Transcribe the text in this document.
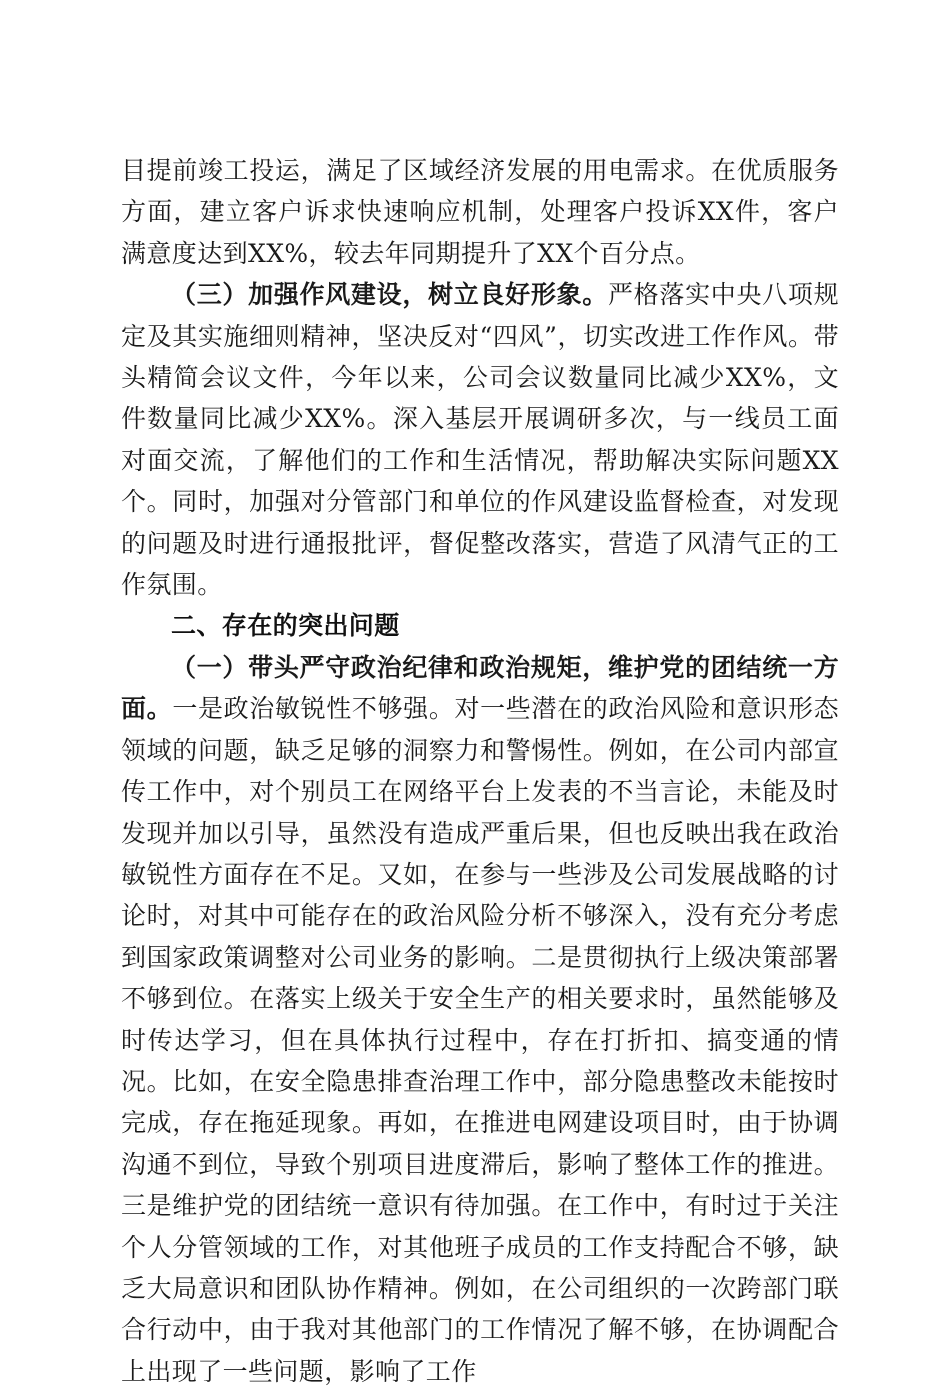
目提前竣工投运，满足了区域经济发展的用电需求。在优质服务方面，建立客户诉求快速响应机制，处理客户投诉XX件，客户满意度达到XX%，较去年同期提升了XX个百分点。

（三）加强作风建设，树立良好形象。严格落实中央八项规定及其实施细则精神，坚决反对“四风”，切实改进工作作风。带头精简会议文件，今年以来，公司会议数量同比减少XX%，文件数量同比减少XX%。深入基层开展调研多次，与一线员工面对面交流，了解他们的工作和生活情况，帮助解决实际问题XX个。同时，加强对分管部门和单位的作风建设监督检查，对发现的问题及时进行通报批评，督促整改落实，营造了风清气正的工作氛围。

二、存在的突出问题

（一）带头严守政治纪律和政治规矩，维护党的团结统一方面。一是政治敏锐性不够强。对一些潜在的政治风险和意识形态领域的问题，缺乏足够的洞察力和警惕性。例如，在公司内部宣传工作中，对个别员工在网络平台上发表的不当言论，未能及时发现并加以引导，虽然没有造成严重后果，但也反映出我在政治敏锐性方面存在不足。又如，在参与一些涉及公司发展战略的讨论时，对其中可能存在的政治风险分析不够深入，没有充分考虑到国家政策调整对公司业务的影响。二是贯彻执行上级决策部署不够到位。在落实上级关于安全生产的相关要求时，虽然能够及时传达学习，但在具体执行过程中，存在打折扣、搞变通的情况。比如，在安全隐患排查治理工作中，部分隐患整改未能按时完成，存在拖延现象。再如，在推进电网建设项目时，由于协调沟通不到位，导致个别项目进度滞后，影响了整体工作的推进。三是维护党的团结统一意识有待加强。在工作中，有时过于关注个人分管领域的工作，对其他班子成员的工作支持配合不够，缺乏大局意识和团队协作精神。例如，在公司组织的一次跨部门联合行动中，由于我对其他部门的工作情况了解不够，在协调配合上出现了一些问题，影响了工作
